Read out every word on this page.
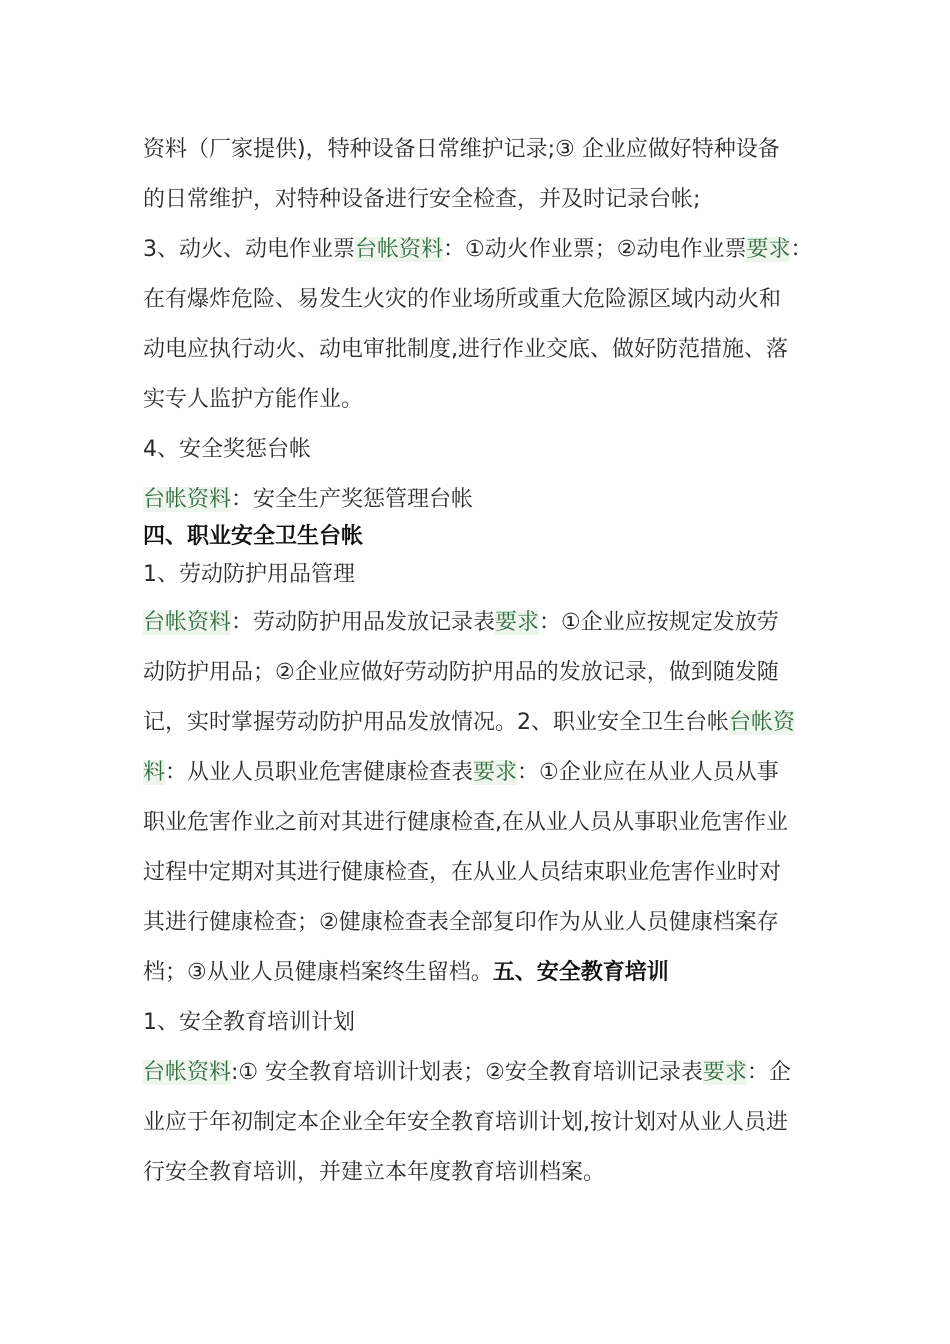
资料（厂家提供)，特种设备日常维护记录;③ 企业应做好特种设备
的日常维护，对特种设备进行安全检查，并及时记录台帐;
3、动火、动电作业票台帐资料：①动火作业票；②动电作业票要求：
在有爆炸危险、易发生火灾的作业场所或重大危险源区域内动火和
动电应执行动火、动电审批制度,进行作业交底、做好防范措施、落
实专人监护方能作业。
4、安全奖惩台帐
台帐资料：安全生产奖惩管理台帐
四、职业安全卫生台帐
1、劳动防护用品管理
台帐资料：劳动防护用品发放记录表要求：①企业应按规定发放劳
动防护用品；②企业应做好劳动防护用品的发放记录，做到随发随
记，实时掌握劳动防护用品发放情况。2、职业安全卫生台帐台帐资
料：从业人员职业危害健康检查表要求：①企业应在从业人员从事
职业危害作业之前对其进行健康检查,在从业人员从事职业危害作业
过程中定期对其进行健康检查，在从业人员结束职业危害作业时对
其进行健康检查；②健康检查表全部复印作为从业人员健康档案存
档；③从业人员健康档案终生留档。五、安全教育培训
1、安全教育培训计划
台帐资料:① 安全教育培训计划表；②安全教育培训记录表要求：企
业应于年初制定本企业全年安全教育培训计划,按计划对从业人员进
行安全教育培训，并建立本年度教育培训档案。
